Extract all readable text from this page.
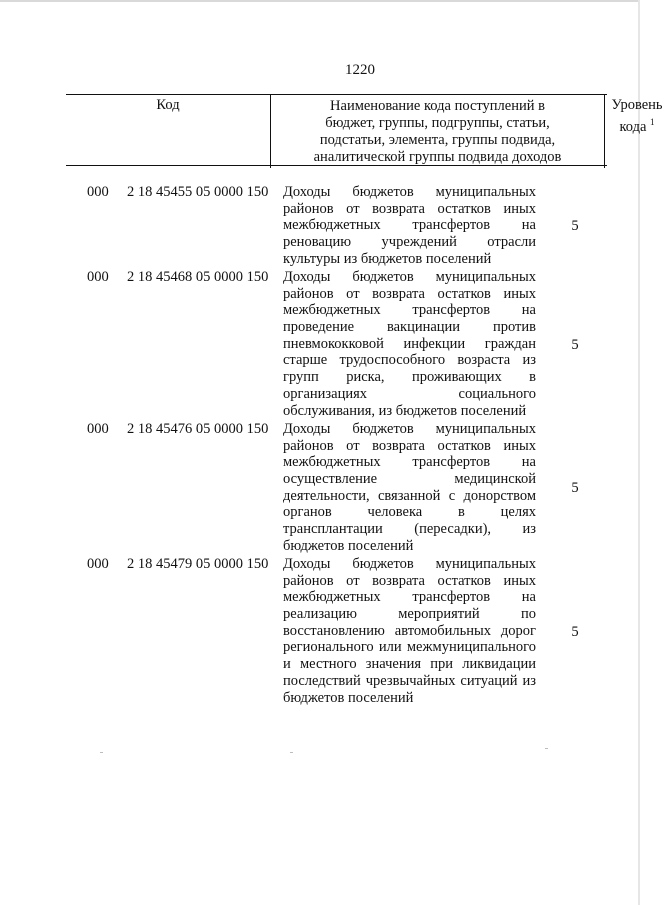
1220
Код	Наименование кода поступлений в
бюджет, группы, подгруппы, статьи,
подстатьи, элемента, группы подвида,
аналитической группы подвида доходов
Уровень
кода $^1$
000 2 18 45455 05 0000 150 Доходы бюджетов муниципальных
районов от возврата остатков иных
межбюджетных трансфертов на
реновацию учреждений отрасли
культуры из бюджетов поселений
5
000 2 18 45468 05 0000 150 Доходы бюджетов муниципальных
районов от возврата остатков иных
межбюджетных трансфертов на
проведение вакцинации против
пневмококковой инфекции граждан
старше трудоспособного возраста из
групп риска, проживающих в
организациях социального
обслуживания, из бюджетов поселений
5
000 2 18 45476 05 0000 150 Доходы бюджетов муниципальных
районов от возврата остатков иных
межбюджетных трансфертов на
осуществление медицинской
деятельности, связанной с донорством
органов человека в целях
трансплантации (пересадки), из
бюджетов поселений
5
000 2 18 45479 05 0000 150 Доходы бюджетов муниципальных
районов от возврата остатков иных
межбюджетных трансфертов на
реализацию мероприятий по
восстановлению автомобильных дорог
регионального или межмуниципального
и местного значения при ликвидации
последствий чрезвычайных ситуаций из
бюджетов поселений
5
